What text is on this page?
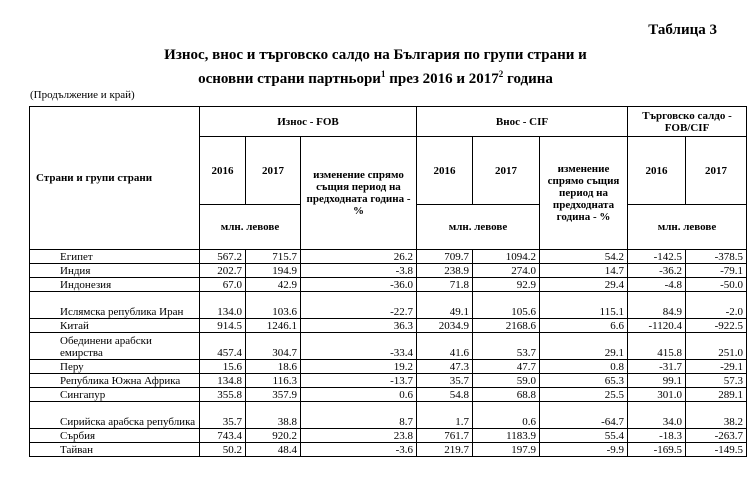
Таблица 3
Износ, внос и търговско салдо на България по групи страни и
основни страни партньори$^1$ през 2016 и 2017$^2$ година
(Продължение и край)
Страни и групи страни	Износ - FOB			Внос - CIF			Търговско салдо - FOB/CIF	
	2016	2017	изменение спрямо същия период на предходната година - %	2016	2017	изменение спрямо същия период на предходната година - %	2016	2017
	млн. левове			млн. левове			млн. левове	
Египет	567.2	715.7	26.2	709.7	1094.2	54.2	-142.5	-378.5
Индия	202.7	194.9	-3.8	238.9	274.0	14.7	-36.2	-79.1
Индонезия	67.0	42.9	-36.0	71.8	92.9	29.4	-4.8	-50.0
Ислямска република Иран	134.0	103.6	-22.7	49.1	105.6	115.1	84.9	-2.0
Китай	914.5	1246.1	36.3	2034.9	2168.6	6.6	-1120.4	-922.5
Обединени арабски емирства	457.4	304.7	-33.4	41.6	53.7	29.1	415.8	251.0
Перу	15.6	18.6	19.2	47.3	47.7	0.8	-31.7	-29.1
Република Южна Африка	134.8	116.3	-13.7	35.7	59.0	65.3	99.1	57.3
Сингапур	355.8	357.9	0.6	54.8	68.8	25.5	301.0	289.1
Сирийска арабска република	35.7	38.8	8.7	1.7	0.6	-64.7	34.0	38.2
Сърбия	743.4	920.2	23.8	761.7	1183.9	55.4	-18.3	-263.7
Тайван	50.2	48.4	-3.6	219.7	197.9	-9.9	-169.5	-149.5
